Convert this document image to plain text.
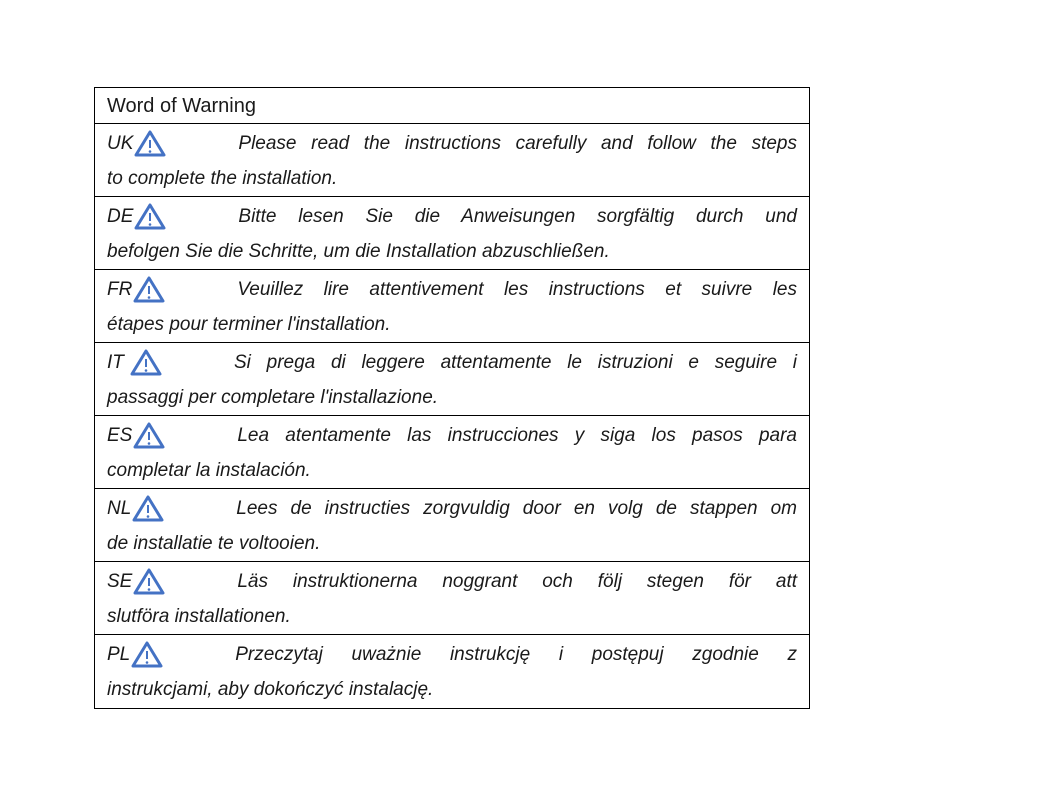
Word of Warning
UK	Please read the instructions carefully and follow the steps
to complete the installation.
DE	Bitte lesen Sie die Anweisungen sorgfältig durch und
befolgen Sie die Schritte, um die Installation abzuschließen.
FR	Veuillez lire attentivement les instructions et suivre les
étapes pour terminer l'installation.
IT	Si prega di leggere attentamente le istruzioni e seguire i
passaggi per completare l'installazione.
ES	Lea atentamente las instrucciones y siga los pasos para
completar la instalación.
NL	Lees de instructies zorgvuldig door en volg de stappen om
de installatie te voltooien.
SE	Läs instruktionerna noggrant och följ stegen för att
slutföra installationen.
PL	Przeczytaj uważnie instrukcję i postępuj zgodnie z
instrukcjami, aby dokończyć instalację.
